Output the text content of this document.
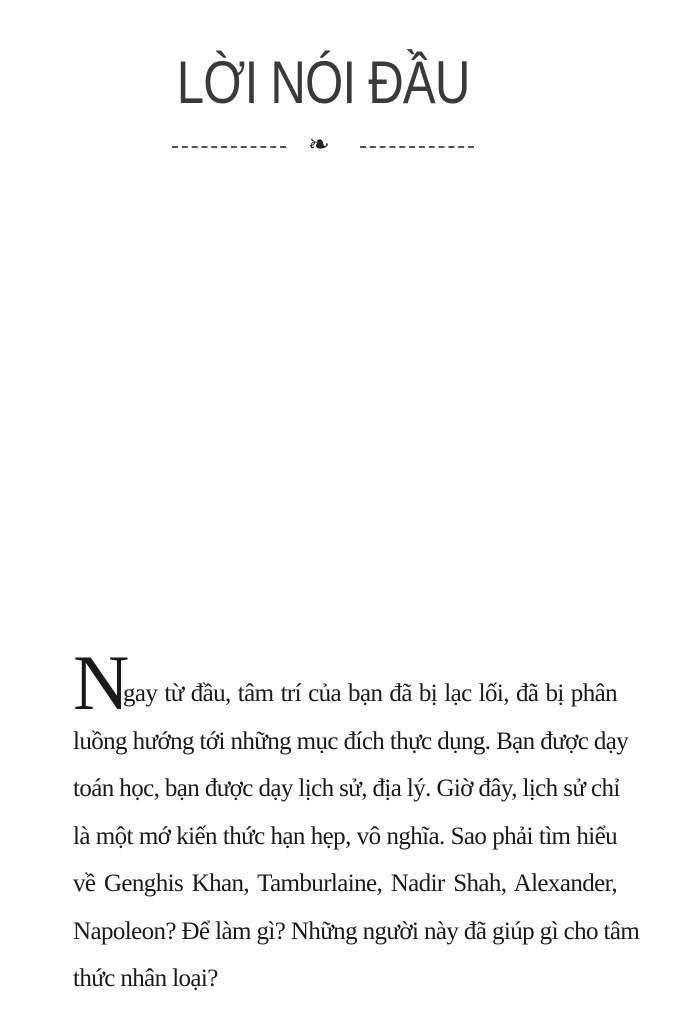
LỜI NÓI ĐẦU
❧
N
gay từ đầu, tâm trí của bạn đã bị lạc lối, đã bị phân
luồng hướng tới những mục đích thực dụng. Bạn được dạy
toán học, bạn được dạy lịch sử, địa lý. Giờ đây, lịch sử chỉ
là một mớ kiến thức hạn hẹp, vô nghĩa. Sao phải tìm hiểu
về Genghis Khan, Tamburlaine, Nadir Shah, Alexander,
Napoleon? Để làm gì? Những người này đã giúp gì cho tâm
thức nhân loại?
